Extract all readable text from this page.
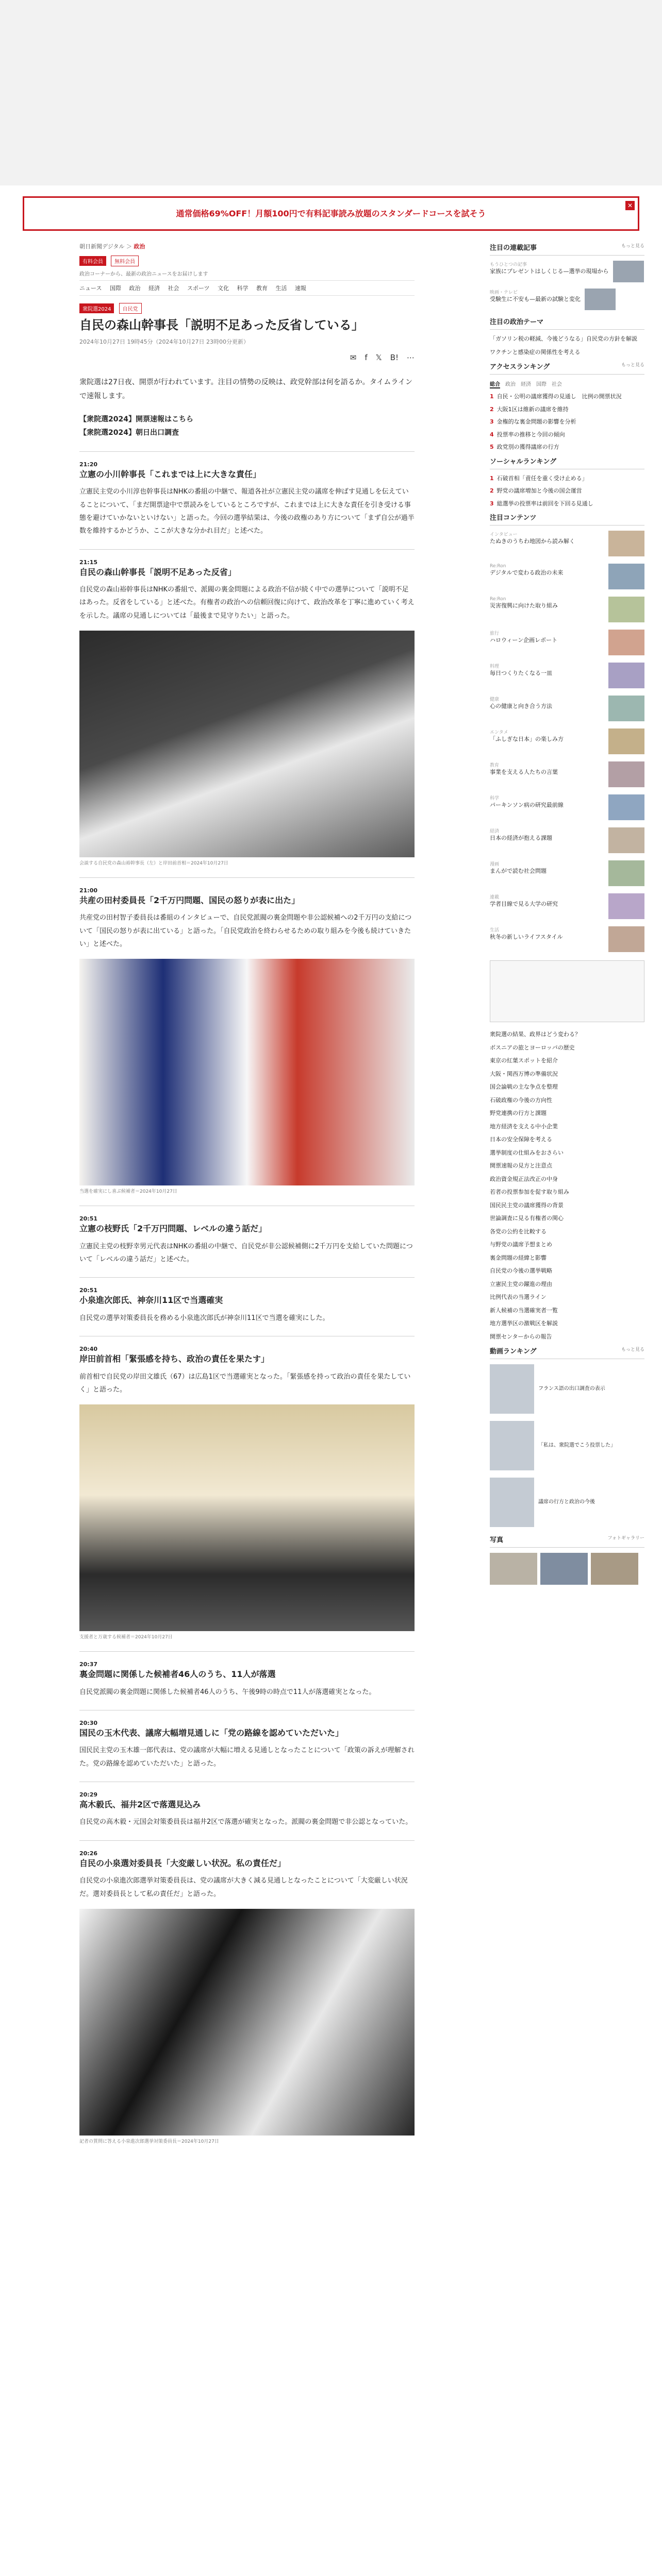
通常価格69%OFF！月額100円で有料記事読み放題のスタンダードコースを試そう
✕
朝日新聞デジタル ＞ 政治
有料会員 無料会員
政治コーナーから、最新の政治ニュースをお届けします
ニュース 国際 政治 経済 社会 スポーツ 文化 科学 教育 生活 速報
衆院選2024 自民党
自民の森山幹事長「説明不足あった反省している」
2024年10月27日 19時45分（2024年10月27日 23時00分更新）
✉ f 𝕏 B! ⋯

衆院選は27日夜、開票が行われています。注目の情勢の反映は、政党幹部は何を語るか。タイムラインで速報します。

【衆院選2024】開票速報はこちら

【衆院選2024】朝日出口調査

21:20
立憲の小川幹事長「これまでは上に大きな責任」

立憲民主党の小川淳也幹事長はNHKの番組の中継で、報道各社が立憲民主党の議席を伸ばす見通しを伝えていることについて、「まだ開票途中で票読みをしているところですが、これまでは上に大きな責任を引き受ける事態を避けていかないといけない」と語った。今回の選挙結果は、今後の政権のあり方について「まず自公が過半数を維持するかどうか、ここが大きな分かれ目だ」と述べた。

21:15
自民の森山幹事長「説明不足あった反省」

自民党の森山裕幹事長はNHKの番組で、派閥の裏金問題による政治不信が続く中での選挙について「説明不足はあった。反省をしている」と述べた。有権者の政治への信頼回復に向けて、政治改革を丁寧に進めていく考えを示した。議席の見通しについては「最後まで見守りたい」と語った。

会談する自民党の森山裕幹事長（左）と岸田前首相＝2024年10月27日
21:00
共産の田村委員長「2千万円問題、国民の怒りが表に出た」

共産党の田村智子委員長は番組のインタビューで、自民党派閥の裏金問題や非公認候補への2千万円の支給について「国民の怒りが表に出ている」と語った。「自民党政治を終わらせるための取り組みを今後も続けていきたい」と述べた。

当選を確実にし喜ぶ候補者＝2024年10月27日
20:51
立憲の枝野氏「2千万円問題、レベルの違う話だ」

立憲民主党の枝野幸男元代表はNHKの番組の中継で、自民党が非公認候補側に2千万円を支給していた問題について「レベルの違う話だ」と述べた。

20:51
小泉進次郎氏、神奈川11区で当選確実

自民党の選挙対策委員長を務める小泉進次郎氏が神奈川11区で当選を確実にした。

20:40
岸田前首相「緊張感を持ち、政治の責任を果たす」

前首相で自民党の岸田文雄氏（67）は広島1区で当選確実となった。「緊張感を持って政治の責任を果たしていく」と語った。

支援者と万歳する候補者＝2024年10月27日
20:37
裏金問題に関係した候補者46人のうち、11人が落選

自民党派閥の裏金問題に関係した候補者46人のうち、午後9時の時点で11人が落選確実となった。

20:30
国民の玉木代表、議席大幅増見通しに「党の路線を認めていただいた」

国民民主党の玉木雄一郎代表は、党の議席が大幅に増える見通しとなったことについて「政策の訴えが理解された。党の路線を認めていただいた」と語った。

20:29
高木毅氏、福井2区で落選見込み

自民党の高木毅・元国会対策委員長は福井2区で落選が確実となった。派閥の裏金問題で非公認となっていた。

20:26
自民の小泉選対委員長「大変厳しい状況。私の責任だ」

自民党の小泉進次郎選挙対策委員長は、党の議席が大きく減る見通しとなったことについて「大変厳しい状況だ。選対委員長として私の責任だ」と語った。

記者の質問に答える小泉進次郎選挙対策委員長＝2024年10月27日
注目の連載記事	もっと見る
もうひとつの記事

家族にプレゼントはしくじる—選挙の現場から

映画・テレビ

受験生に不安も—最新の試験と変化

注目の政治テーマ
「ガソリン税の軽減、今後どうなる」自民党の方針を解説
ワクチンと感染症の関係性を考える
アクセスランキング	もっと見る
総合 政治 経済 国際 社会
1 自民・公明の議席獲得の見通し　比例の開票状況
2 大阪1区は維新の議席を維持
3 金権的な裏金問題の影響を分析
4 投票率の推移と今回の傾向
5 政党別の獲得議席の行方
ソーシャルランキング
1 石破首相「責任を重く受け止める」
2 野党の議席増加と今後の国会運営
3 総選挙の投票率は前回を下回る見通し
注目コンテンツ
インタビュー

たぬきのうちわ地図から読み解く

Re:Ron

デジタルで変わる政治の未来

Re:Ron

災害復興に向けた取り組み

旅行

ハロウィーン企画レポート

料理

毎日つくりたくなる一皿

健康

心の健康と向き合う方法

エンタメ

「ふしぎな日本」の楽しみ方

教育

事業を支える人たちの言葉

科学

パーキンソン病の研究最前線

経済

日本の経済が抱える課題

漫画

まんがで読む社会問題

連載

学者目線で見る大学の研究

生活

秋冬の新しいライフスタイル

衆院選の結果、政界はどう変わる？
ボスニアの旅とヨーロッパの歴史
東京の紅葉スポットを紹介
大阪・関西万博の準備状況
国会論戦の主な争点を整理
石破政権の今後の方向性
野党連携の行方と課題
地方経済を支える中小企業
日本の安全保障を考える
選挙制度の仕組みをおさらい
開票速報の見方と注意点
政治資金規正法改正の中身
若者の投票参加を促す取り組み
国民民主党の議席獲得の背景
世論調査に見る有権者の関心
各党の公約を比較する
与野党の議席予想まとめ
裏金問題の経緯と影響
自民党の今後の選挙戦略
立憲民主党の躍進の理由
比例代表の当選ライン
新人候補の当選確実者一覧
地方選挙区の激戦区を解説
開票センターからの報告
動画ランキング	もっと見る

フランス語の出口調査の表示

「私は、衆院選でこう投票した」

議席の行方と政治の今後

写真	フォトギャラリー
